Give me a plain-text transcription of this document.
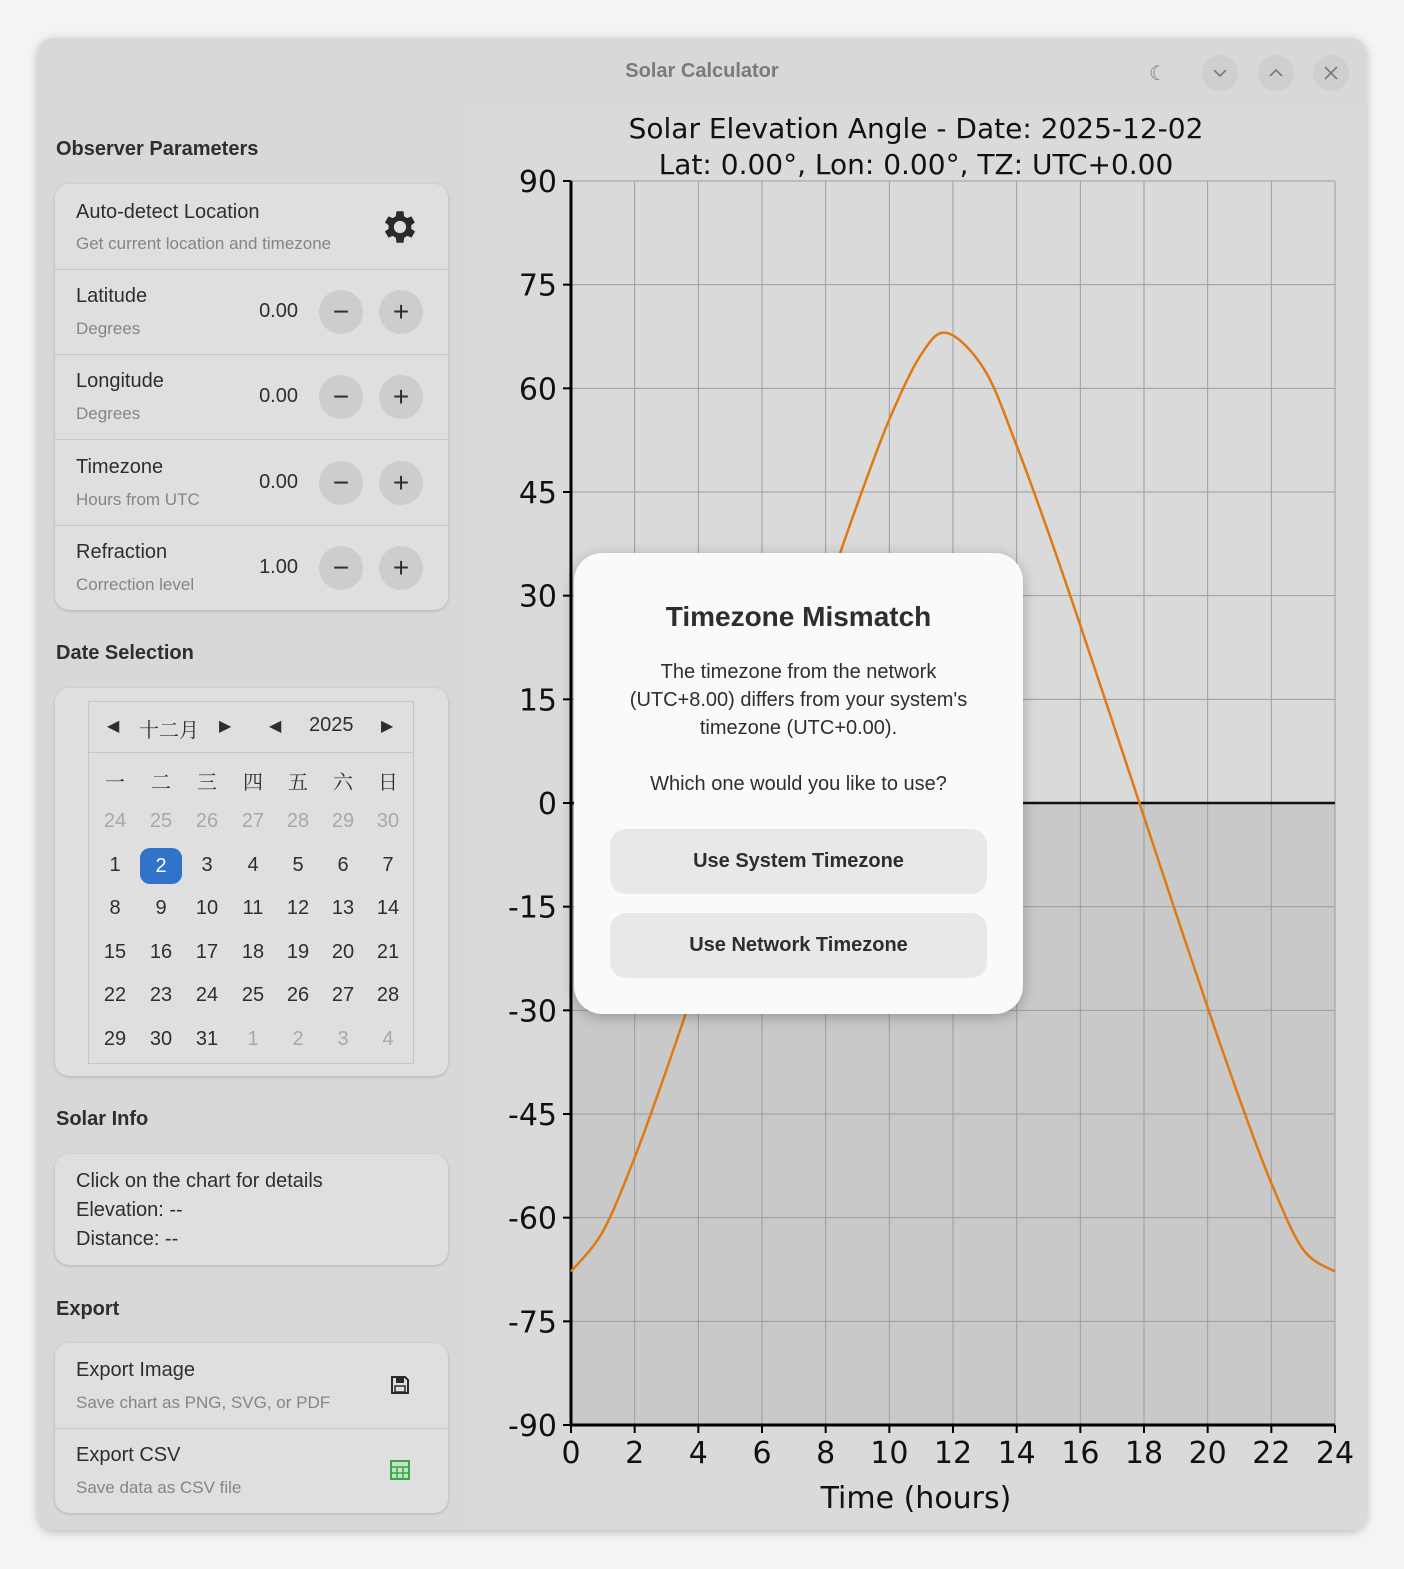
Solar Calculator	☾
Observer Parameters
Auto-detect Location
Get current location and timezone
Latitude
Degrees
0.00	−	+
Longitude
Degrees
0.00	−	+
Timezone
Hours from UTC
0.00	−	+
Refraction
Correction level
1.00	−	+
Date Selection
◀ 十二月 ▶ ◀ 2025 ▶
一	二	三	四	五	六	日
24	25	26	27	28	29	30
1	2	3	4	5	6	7
8	9	10	11	12	13	14
15	16	17	18	19	20	21
22	23	24	25	26	27	28
29	30	31	1	2	3	4
Solar Info
Click on the chart for details
Elevation: --
Distance: --
Export
Export Image
Save chart as PNG, SVG, or PDF
Export CSV
Save data as CSV file
90
75
60
45
30
15
0
-15
-30
-45
-60
-75
-90
0 2 4 6 8 10 12 14 16 18 20 22 24
Solar Elevation Angle - Date: 2025-12-02
Lat: 0.00°, Lon: 0.00°, TZ: UTC+0.00
Time (hours)
Timezone Mismatch
The timezone from the network
(UTC+8.00) differs from your system's
timezone (UTC+0.00).
Which one would you like to use?
Use System Timezone
Use Network Timezone
